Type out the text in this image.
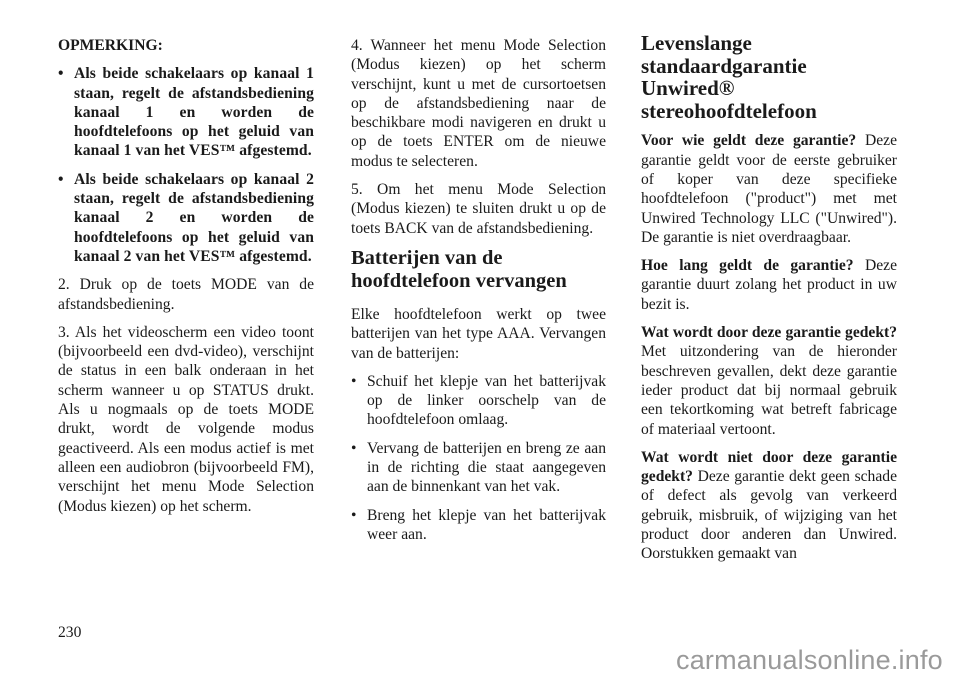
OPMERKING:

• Als beide schakelaars op kanaal 1 staan, regelt de afstandsbediening kanaal 1 en worden de hoofdtelefoons op het geluid van kanaal 1 van het VES™ afgestemd.
• Als beide schakelaars op kanaal 2 staan, regelt de afstandsbediening kanaal 2 en worden de hoofdtelefoons op het geluid van kanaal 2 van het VES™ afgestemd.

2. Druk op de toets MODE van de afstandsbediening.

3. Als het videoscherm een video toont (bijvoorbeeld een dvd-video), verschijnt de status in een balk onderaan in het scherm wanneer u op STATUS drukt. Als u nogmaals op de toets MODE drukt, wordt de volgende modus geactiveerd. Als een modus actief is met alleen een audiobron (bijvoorbeeld FM), verschijnt het menu Mode Selection (Modus kiezen) op het scherm.

4. Wanneer het menu Mode Selection (Modus kiezen) op het scherm verschijnt, kunt u met de cursortoetsen op de afstandsbediening naar de beschikbare modi navigeren en drukt u op de toets ENTER om de nieuwe modus te selecteren.

5. Om het menu Mode Selection (Modus kiezen) te sluiten drukt u op de toets BACK van de afstandsbediening.

Batterijen van de hoofdtelefoon vervangen

Elke hoofdtelefoon werkt op twee batterijen van het type AAA. Vervangen van de batterijen:

• Schuif het klepje van het batterijvak op de linker oorschelp van de hoofdtelefoon omlaag.
• Vervang de batterijen en breng ze aan in de richting die staat aangegeven aan de binnenkant van het vak.
• Breng het klepje van het batterijvak weer aan.
Levenslange standaardgarantie Unwired® stereohoofdtelefoon

Voor wie geldt deze garantie? Deze garantie geldt voor de eerste gebruiker of koper van deze specifieke hoofdtelefoon ("product") met met Unwired Technology LLC ("Unwired"). De garantie is niet overdraagbaar.

Hoe lang geldt de garantie? Deze garantie duurt zolang het product in uw bezit is.

Wat wordt door deze garantie gedekt? Met uitzondering van de hieronder beschreven gevallen, dekt deze garantie ieder product dat bij normaal gebruik een tekortkoming wat betreft fabricage of materiaal vertoont.

Wat wordt niet door deze garantie gedekt? Deze garantie dekt geen schade of defect als gevolg van verkeerd gebruik, misbruik, of wijziging van het product door anderen dan Unwired. Oorstukken gemaakt van

230
carmanualsonline.info
